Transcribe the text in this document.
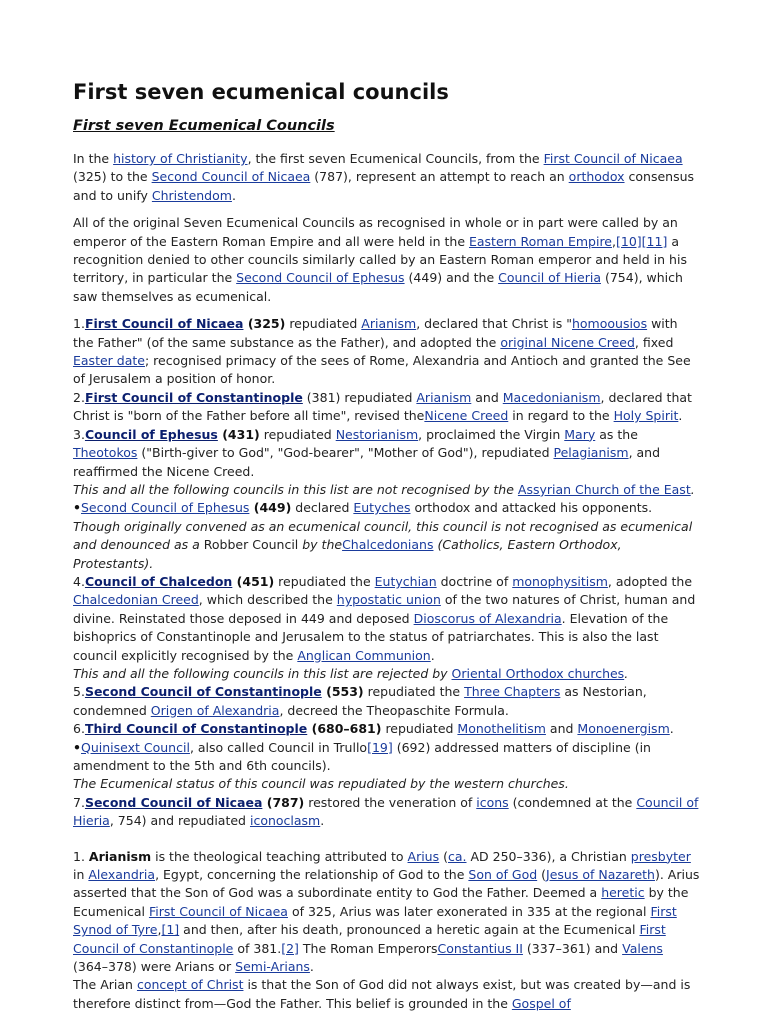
First seven ecumenical councils
First seven Ecumenical Councils

In the history of Christianity, the first seven Ecumenical Councils, from the First Council of Nicaea (325) to the Second Council of Nicaea (787), represent an attempt to reach an orthodox consensus and to unify Christendom.

All of the original Seven Ecumenical Councils as recognised in whole or in part were called by an emperor of the Eastern Roman Empire and all were held in the Eastern Roman Empire,[10][11] a recognition denied to other councils similarly called by an Eastern Roman emperor and held in his territory, in particular the Second Council of Ephesus (449) and the Council of Hieria (754), which saw themselves as ecumenical.

1.First Council of Nicaea (325) repudiated Arianism, declared that Christ is "homoousios with the Father" (of the same substance as the Father), and adopted the original Nicene Creed, fixed Easter date; recognised primacy of the sees of Rome, Alexandria and Antioch and granted the See of Jerusalem a position of honor.

2.First Council of Constantinople (381) repudiated Arianism and Macedonianism, declared that Christ is "born of the Father before all time", revised theNicene Creed in regard to the Holy Spirit.

3.Council of Ephesus (431) repudiated Nestorianism, proclaimed the Virgin Mary as the Theotokos ("Birth-giver to God", "God-bearer", "Mother of God"), repudiated Pelagianism, and reaffirmed the Nicene Creed.

This and all the following councils in this list are not recognised by the Assyrian Church of the East.

•Second Council of Ephesus (449) declared Eutyches orthodox and attacked his opponents.

Though originally convened as an ecumenical council, this council is not recognised as ecumenical and denounced as a Robber Council by theChalcedonians (Catholics, Eastern Orthodox, Protestants).

4.Council of Chalcedon (451) repudiated the Eutychian doctrine of monophysitism, adopted the Chalcedonian Creed, which described the hypostatic union of the two natures of Christ, human and divine. Reinstated those deposed in 449 and deposed Dioscorus of Alexandria. Elevation of the bishoprics of Constantinople and Jerusalem to the status of patriarchates. This is also the last council explicitly recognised by the Anglican Communion.

This and all the following councils in this list are rejected by Oriental Orthodox churches.

5.Second Council of Constantinople (553) repudiated the Three Chapters as Nestorian, condemned Origen of Alexandria, decreed the Theopaschite Formula.

6.Third Council of Constantinople (680–681) repudiated Monothelitism and Monoenergism.

•Quinisext Council, also called Council in Trullo[19] (692) addressed matters of discipline (in amendment to the 5th and 6th councils).

The Ecumenical status of this council was repudiated by the western churches.

7.Second Council of Nicaea (787) restored the veneration of icons (condemned at the Council of Hieria, 754) and repudiated iconoclasm.

1. Arianism is the theological teaching attributed to Arius (ca. AD 250–336), a Christian presbyter in Alexandria, Egypt, concerning the relationship of God to the Son of God (Jesus of Nazareth). Arius asserted that the Son of God was a subordinate entity to God the Father. Deemed a heretic by the Ecumenical First Council of Nicaea of 325, Arius was later exonerated in 335 at the regional First Synod of Tyre,[1] and then, after his death, pronounced a heretic again at the Ecumenical First Council of Constantinople of 381.[2] The Roman EmperorsConstantius II (337–361) and Valens (364–378) were Arians or Semi-Arians.

The Arian concept of Christ is that the Son of God did not always exist, but was created by—and is therefore distinct from—God the Father. This belief is grounded in the Gospel of
